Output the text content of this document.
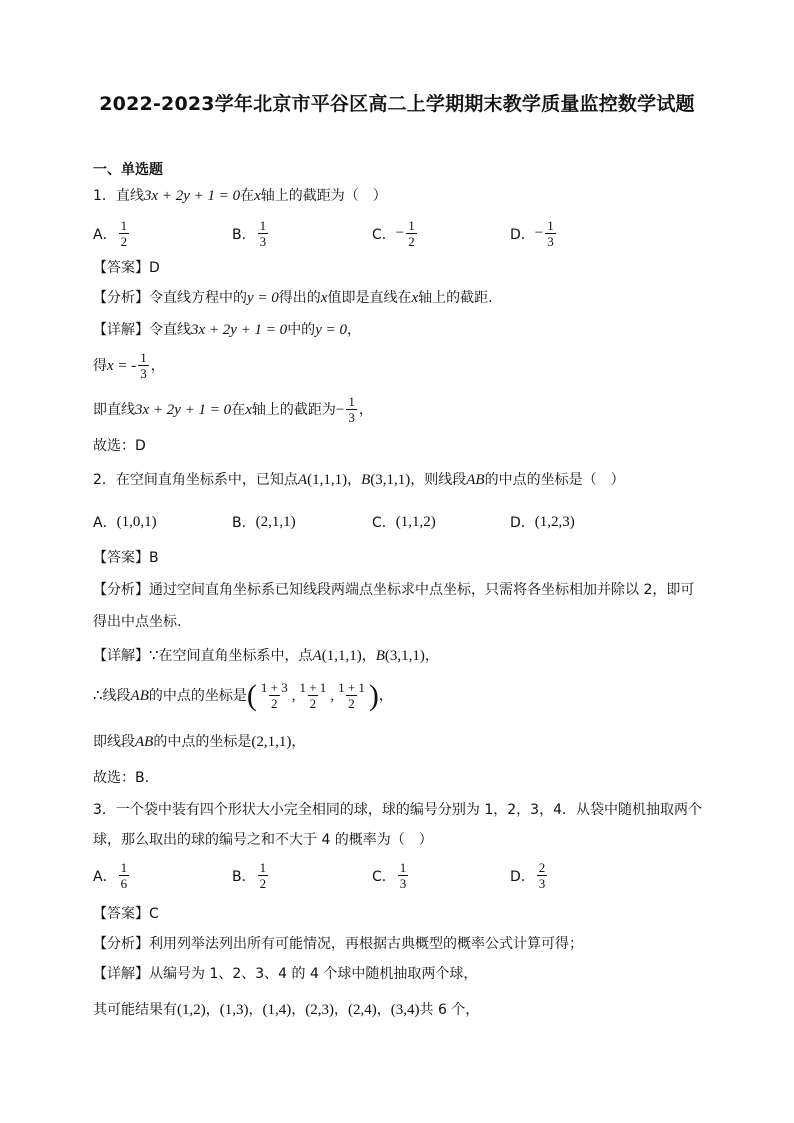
2022-2023学年北京市平谷区高二上学期期末教学质量监控数学试题
一、单选题
1．直线3x + 2y + 1 = 0在x轴上的截距为（　）
A． $\frac{1}{2}$	B． $\frac{1}{3}$	C． − $\frac{1}{2}$	D． − $\frac{1}{3}$
【答案】D
【分析】令直线方程中的y = 0得出的x值即是直线在x轴上的截距.
【详解】令直线3x + 2y + 1 = 0中的y = 0，
得 x = - $\frac{1}{3}$ ，
即直线 3x + 2y + 1 = 0 在 x 轴上的截距为 − $\frac{1}{3}$ ，
故选：D
2．在空间直角坐标系中，已知点A(1,1,1)，B(3,1,1)，则线段AB的中点的坐标是（　）
A． (1,0,1)	B． (2,1,1)	C． (1,1,2)	D． (1,2,3)
【答案】B
【分析】通过空间直角坐标系已知线段两端点坐标求中点坐标，只需将各坐标相加并除以 2，即可
得出中点坐标.
【详解】∵在空间直角坐标系中，点A(1,1,1)，B(3,1,1)，
∴ 线段 AB 的中点的坐标是 ( $\frac{1 + 3}{2}$ , $\frac{1 + 1}{2}$ , $\frac{1 + 1}{2}$ ) ，
即线段AB的中点的坐标是(2,1,1)，
故选：B.
3．一个袋中装有四个形状大小完全相同的球，球的编号分别为 1，2，3，4．从袋中随机抽取两个
球，那么取出的球的编号之和不大于 4 的概率为（　）
A． $\frac{1}{6}$	B． $\frac{1}{2}$	C． $\frac{1}{3}$	D． $\frac{2}{3}$
【答案】C
【分析】利用列举法列出所有可能情况，再根据古典概型的概率公式计算可得；
【详解】从编号为 1、2、3、4 的 4 个球中随机抽取两个球，
其可能结果有(1,2)，(1,3)，(1,4)，(2,3)，(2,4)，(3,4)共 6 个，
